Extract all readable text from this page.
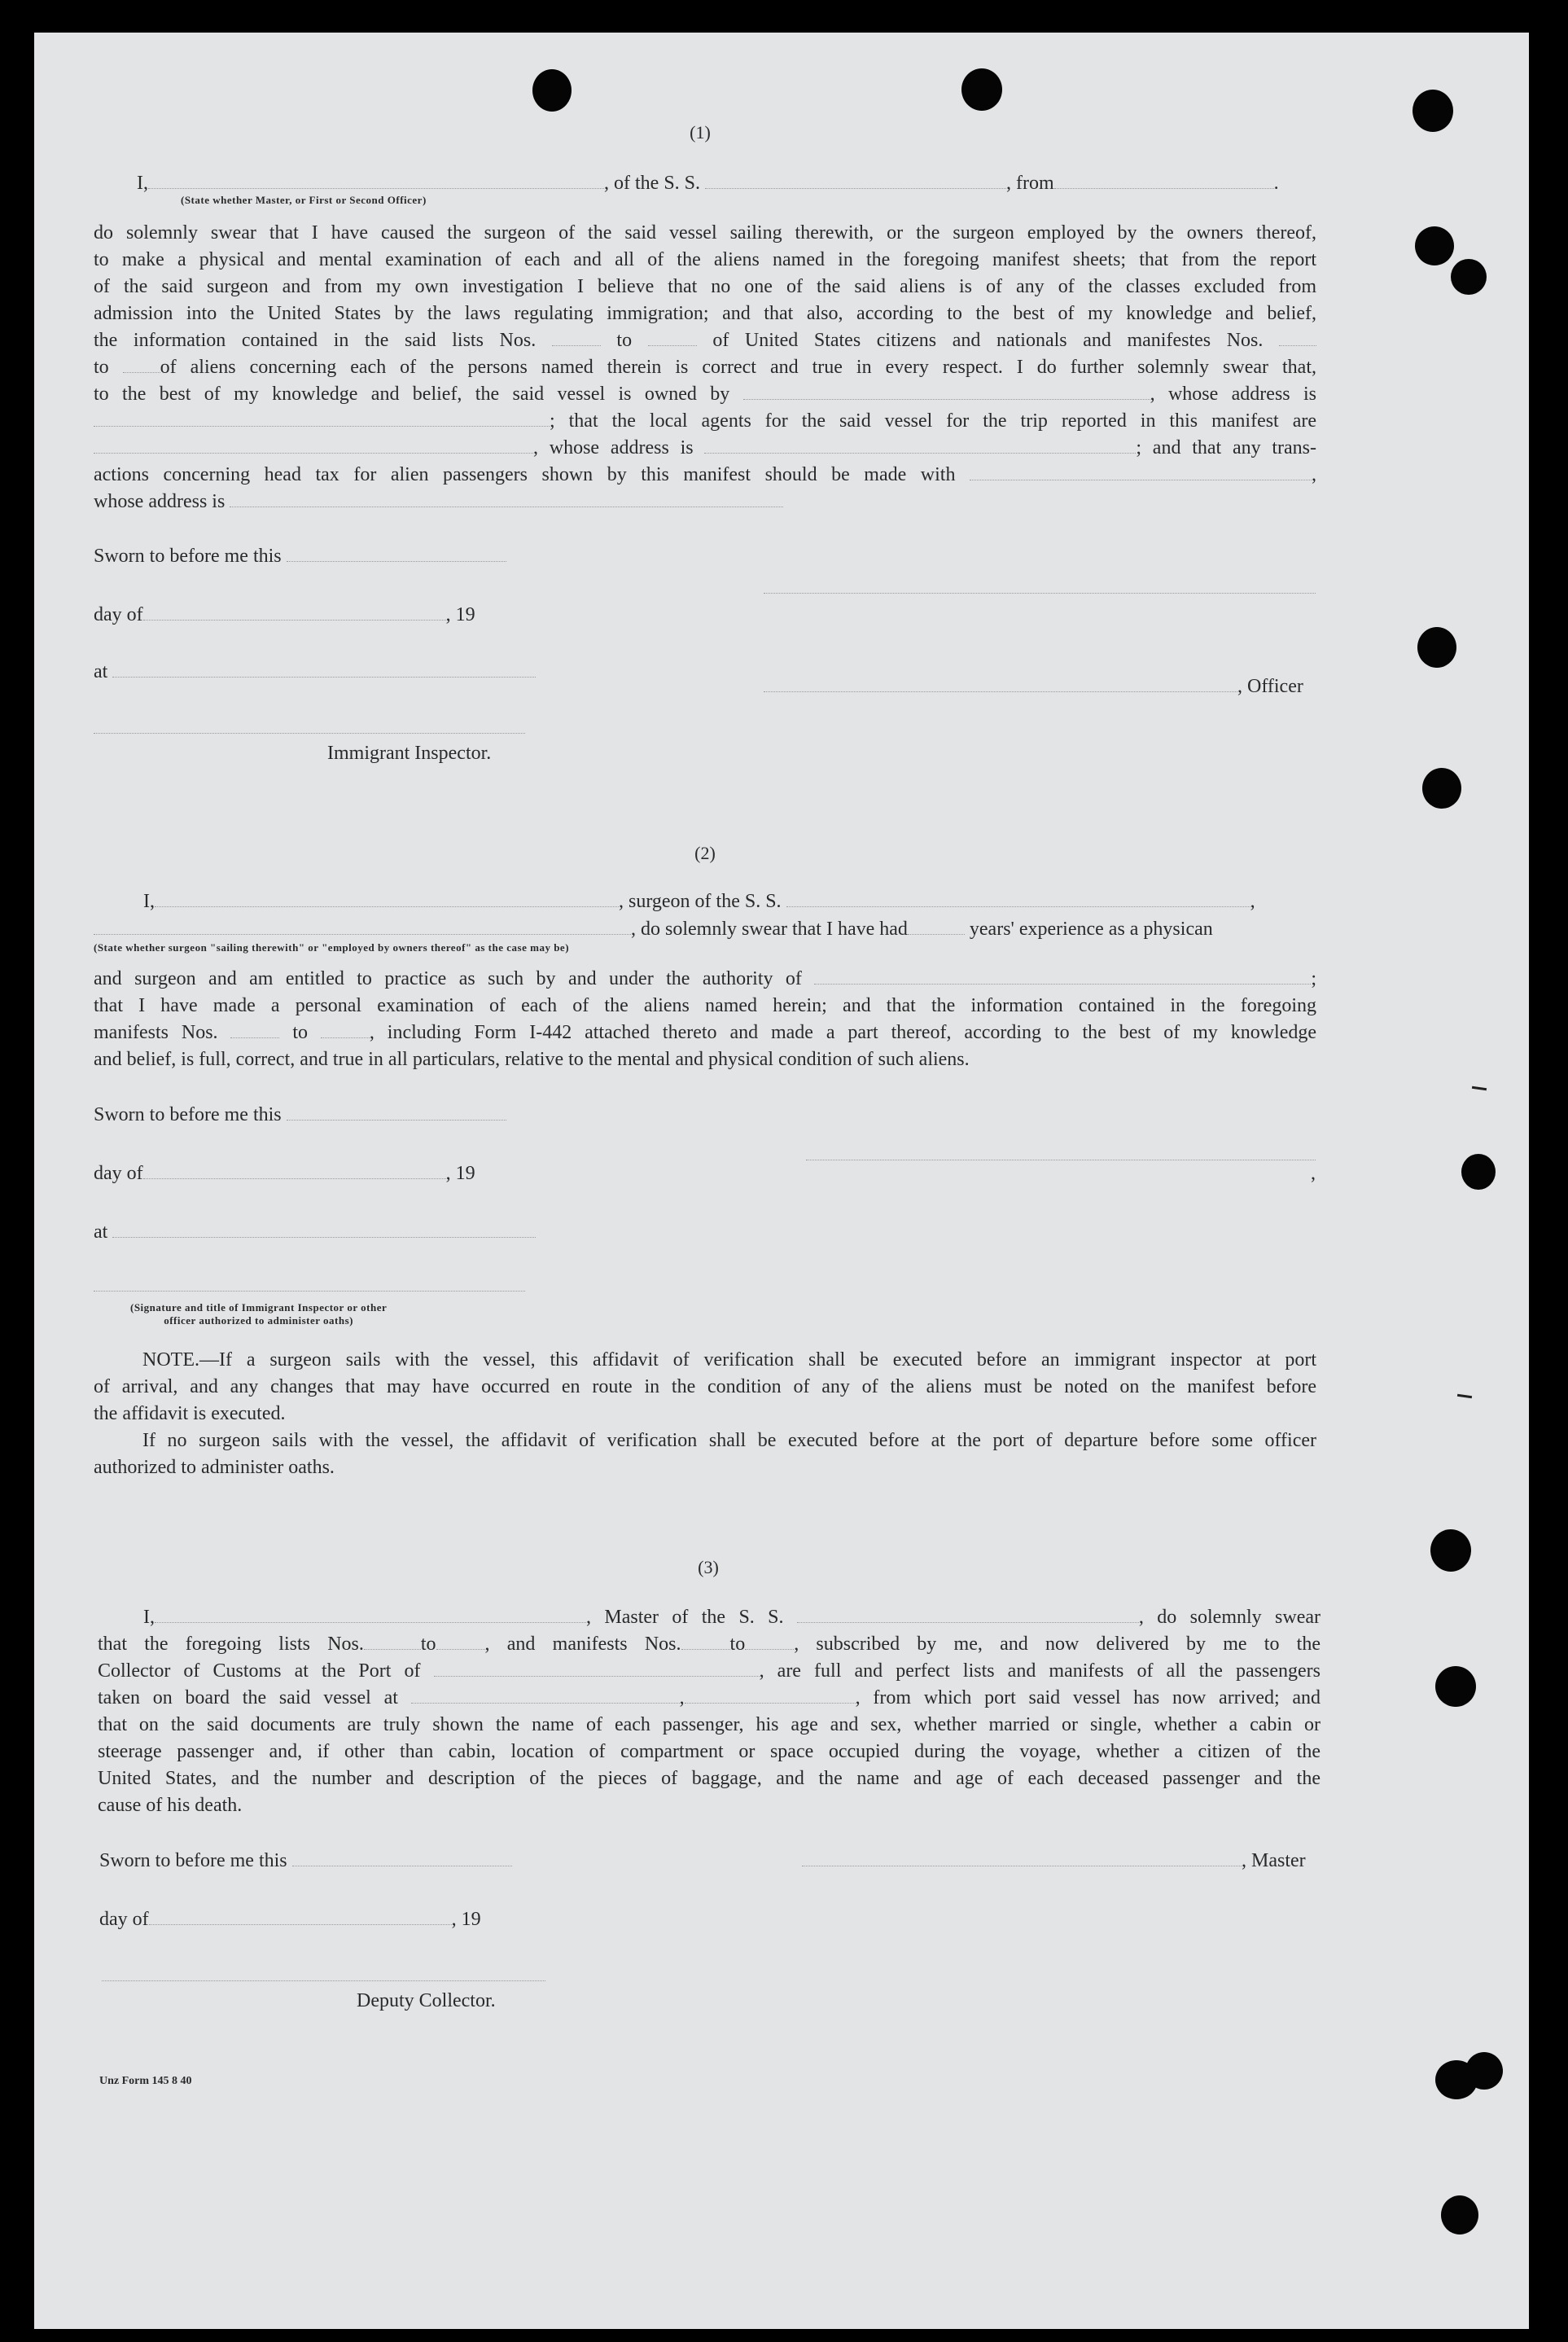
(1)
I,	, of the S. S.	, from	.
(State whether Master, or First or Second Officer)
do solemnly swear that I have caused the surgeon of the said vessel sailing therewith, or the surgeon employed by the owners thereof,
to make a physical and mental examination of each and all of the aliens named in the foregoing manifest sheets; that from the report
of the said surgeon and from my own investigation I believe that no one of the said aliens is of any of the classes excluded from
admission into the United States by the laws regulating immigration; and that also, according to the best of my knowledge and belief,
the information contained in the said lists Nos.	to	of United States citizens and nationals and manifestes Nos.
to	of aliens concerning each of the persons named therein is correct and true in every respect. I do further solemnly swear that,
to the best of my knowledge and belief, the said vessel is owned by	, whose address is
; that the local agents for the said vessel for the trip reported in this manifest are
, whose address is	; and that any trans-
actions concerning head tax for alien passengers shown by this manifest should be made with	,
whose address is
Sworn to before me this
day of	, 19
at
, Officer
Immigrant Inspector.
(2)
I,	, surgeon of the S. S.	,
, do solemnly swear that I have had	years' experience as a physican
(State whether surgeon "sailing therewith" or "employed by owners thereof" as the case may be)
and surgeon and am entitled to practice as such by and under the authority of	;
that I have made a personal examination of each of the aliens named herein; and that the information contained in the foregoing
manifests Nos.	to	, including Form I-442 attached thereto and made a part thereof, according to the best of my knowledge
and belief, is full, correct, and true in all particulars, relative to the mental and physical condition of such aliens.
Sworn to before me this
day of	, 19	,
at
(Signature and title of Immigrant Inspector or other
officer authorized to administer oaths)
NOTE.—If a surgeon sails with the vessel, this affidavit of verification shall be executed before an immigrant inspector at port
of arrival, and any changes that may have occurred en route in the condition of any of the aliens must be noted on the manifest before
the affidavit is executed.
If no surgeon sails with the vessel, the affidavit of verification shall be executed before at the port of departure before some officer
authorized to administer oaths.
(3)
I,	, Master of the S. S.	, do solemnly swear
that the foregoing lists Nos.	to	, and manifests Nos.	to	, subscribed by me, and now delivered by me to the
Collector of Customs at the Port of	, are full and perfect lists and manifests of all the passengers
taken on board the said vessel at	,	, from which port said vessel has now arrived; and
that on the said documents are truly shown the name of each passenger, his age and sex, whether married or single, whether a cabin or
steerage passenger and, if other than cabin, location of compartment or space occupied during the voyage, whether a citizen of the
United States, and the number and description of the pieces of baggage, and the name and age of each deceased passenger and the
cause of his death.
Sworn to before me this	, Master
day of	, 19
Deputy Collector.
Unz Form 145 8 40
